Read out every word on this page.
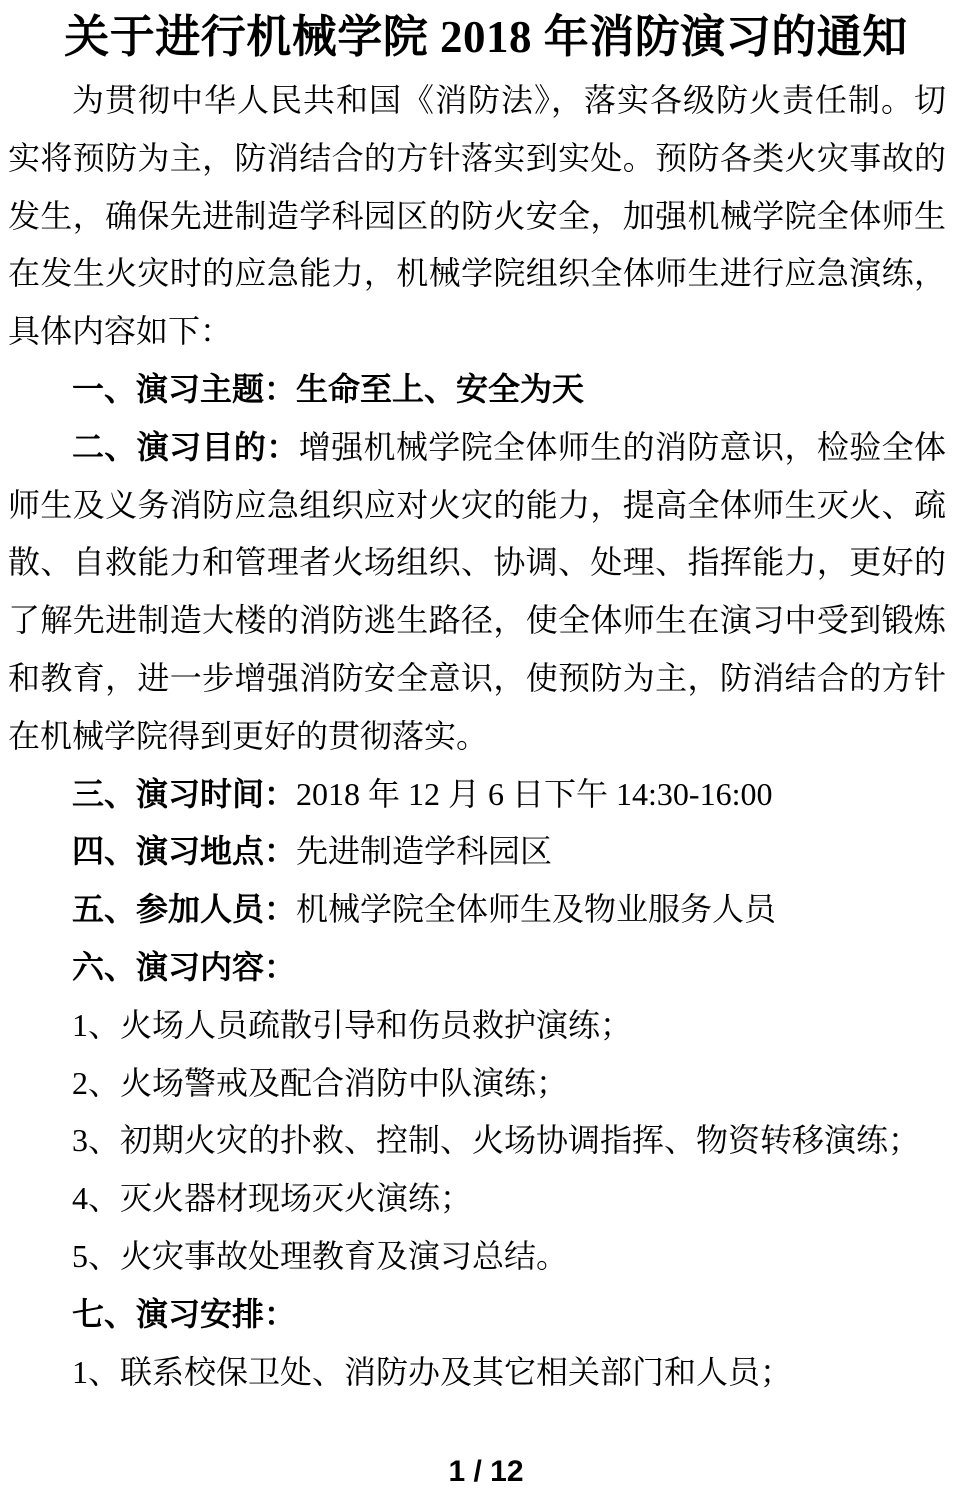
关于进行机械学院 2018 年消防演习的通知

为贯彻中华人民共和国《消防法》，落实各级防火责任制。切实将预防为主，防消结合的方针落实到实处。预防各类火灾事故的发生，确保先进制造学科园区的防火安全，加强机械学院全体师生在发生火灾时的应急能力，机械学院组织全体师生进行应急演练，具体内容如下：

一、演习主题：生命至上、安全为天

二、演习目的：增强机械学院全体师生的消防意识，检验全体师生及义务消防应急组织应对火灾的能力，提高全体师生灭火、疏散、自救能力和管理者火场组织、协调、处理、指挥能力，更好的了解先进制造大楼的消防逃生路径，使全体师生在演习中受到锻炼和教育，进一步增强消防安全意识，使预防为主，防消结合的方针在机械学院得到更好的贯彻落实。

三、演习时间：2018 年 12 月 6 日下午 14:30-16:00

四、演习地点：先进制造学科园区

五、参加人员：机械学院全体师生及物业服务人员

六、演习内容：

1、火场人员疏散引导和伤员救护演练；

2、火场警戒及配合消防中队演练；

3、初期火灾的扑救、控制、火场协调指挥、物资转移演练；

4、灭火器材现场灭火演练；

5、火灾事故处理教育及演习总结。

七、演习安排：

1、联系校保卫处、消防办及其它相关部门和人员；

1 / 12
